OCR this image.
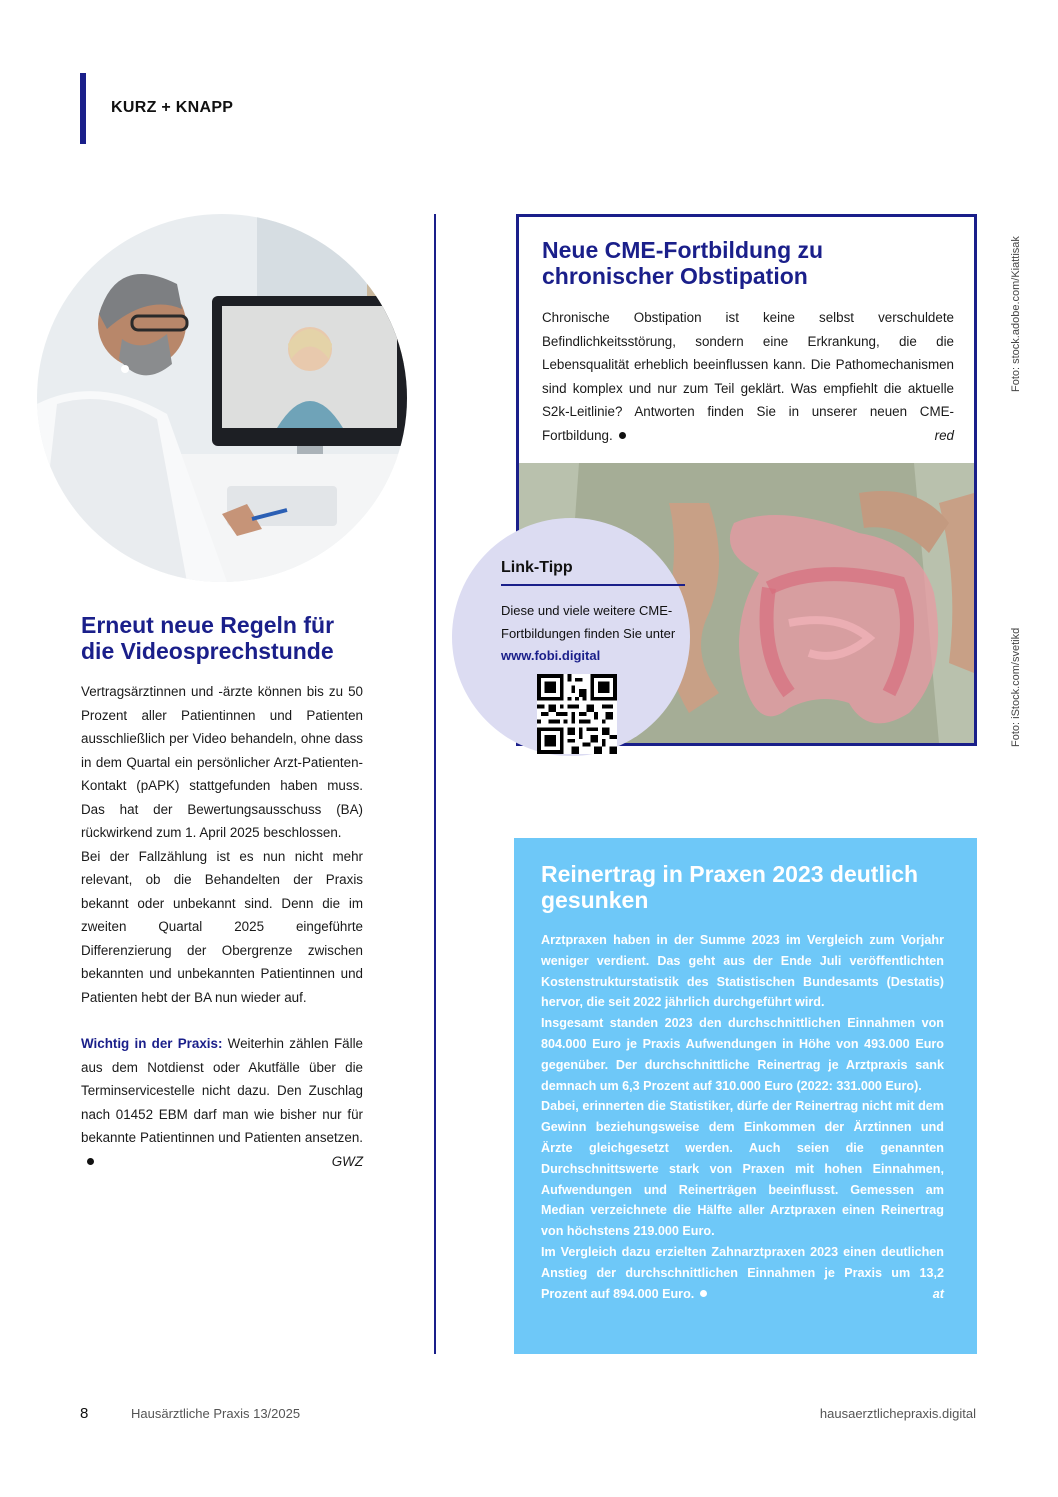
KURZ + KNAPP
Erneut neue Regeln für die Videosprechstunde

Vertragsärztinnen und -ärzte können bis zu 50 Prozent aller Patientinnen und Patienten ausschließlich per Video behandeln, ohne dass in dem Quartal ein persönlicher Arzt-Patienten-Kontakt (pAPK) stattgefunden haben muss. Das hat der Bewertungsausschuss (BA) rückwirkend zum 1. April 2025 beschlossen.

Bei der Fallzählung ist es nun nicht mehr relevant, ob die Behandelten der Praxis bekannt oder unbekannt sind. Denn die im zweiten Quartal 2025 eingeführte Differenzierung der Obergrenze zwischen bekannten und unbekannten Patientinnen und Patienten hebt der BA nun wieder auf.

Wichtig in der Praxis: Weiterhin zählen Fälle aus dem Notdienst oder Akutfälle über die Terminservicestelle nicht dazu. Den Zuschlag nach 01452 EBM darf man wie bisher nur für bekannte Patientinnen und Patienten ansetzen.
GWZ

Neue CME-Fortbildung zu chronischer Obstipation

Chronische Obstipation ist keine selbst verschuldete Befindlichkeitsstörung, sondern eine Erkrankung, die die Lebensqualität erheblich beeinflussen kann. Die Pathomechanismen sind komplex und nur zum Teil geklärt. Was empfiehlt die aktuelle S2k-Leitlinie? Antworten finden Sie in unserer neuen CME-Fortbildung.	red

Link-Tipp
Diese und viele weitere CME-Fortbildungen finden Sie unter www.fobi.digital
Foto: stock.adobe.com/Kiattisak
Foto: iStock.com/svetikd
Reinertrag in Praxen 2023 deutlich gesunken

Arztpraxen haben in der Summe 2023 im Vergleich zum Vorjahr weniger verdient. Das geht aus der Ende Juli veröffentlichten Kostenstrukturstatistik des Statistischen Bundesamts (Destatis) hervor, die seit 2022 jährlich durchgeführt wird.
Insgesamt standen 2023 den durchschnittlichen Einnahmen von 804.000 Euro je Praxis Aufwendungen in Höhe von 493.000 Euro gegenüber. Der durchschnittliche Reinertrag je Arztpraxis sank demnach um 6,3 Prozent auf 310.000 Euro (2022: 331.000 Euro).
Dabei, erinnerten die Statistiker, dürfe der Reinertrag nicht mit dem Gewinn beziehungsweise dem Einkommen der Ärztinnen und Ärzte gleichgesetzt werden. Auch seien die genannten Durchschnittswerte stark von Praxen mit hohen Einnahmen, Aufwendungen und Reinerträgen beeinflusst. Gemessen am Median verzeichnete die Hälfte aller Arztpraxen einen Reinertrag von höchstens 219.000 Euro.
Im Vergleich dazu erzielten Zahnarztpraxen 2023 einen deutlichen Anstieg der durchschnittlichen Einnahmen je Praxis um 13,2 Prozent auf 894.000 Euro.	at

8	Hausärztliche Praxis 13/2025	hausaerztlichepraxis.digital
